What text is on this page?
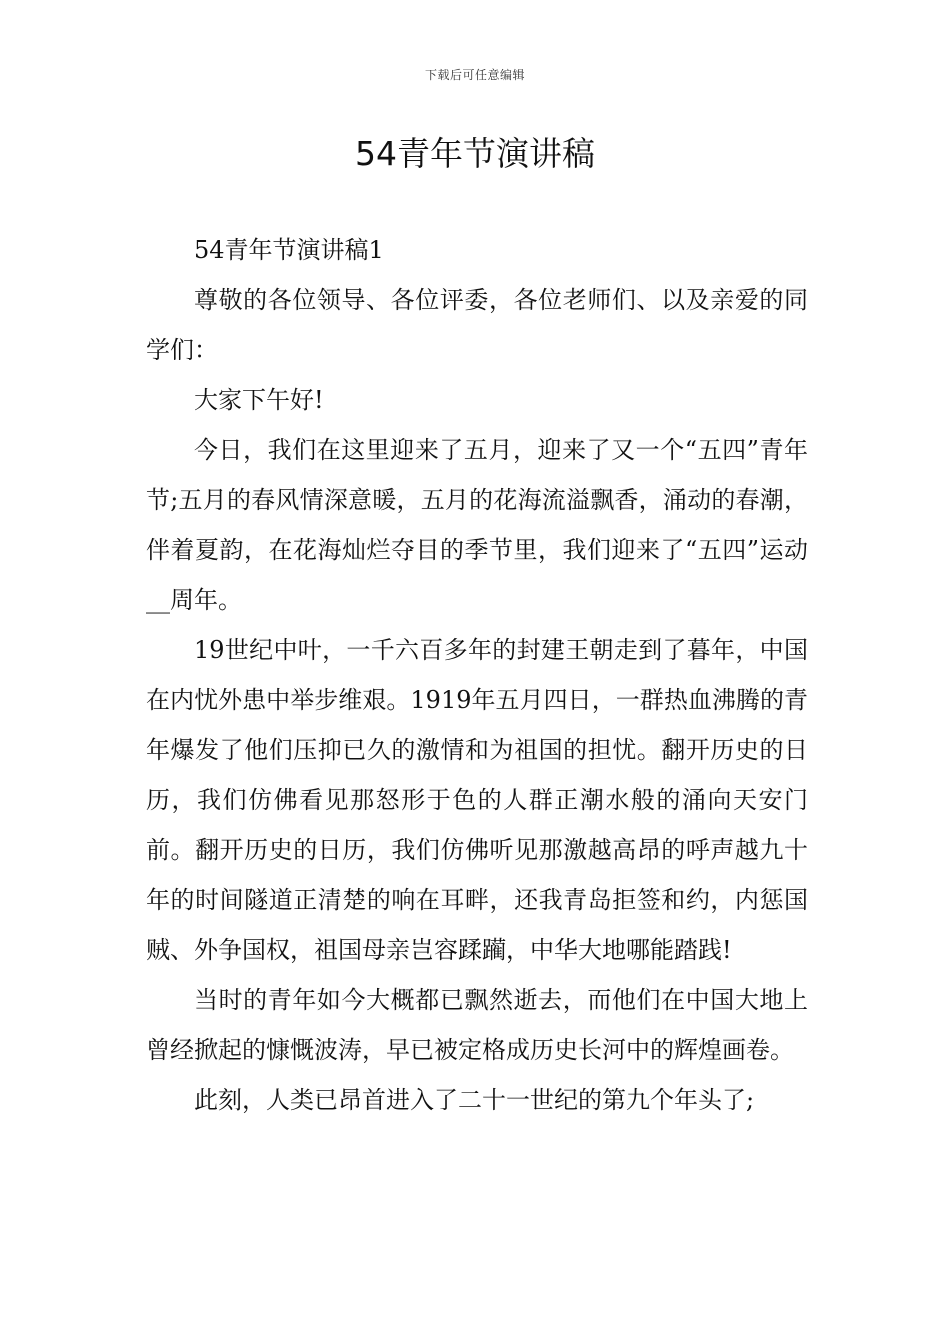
下载后可任意编辑
54青年节演讲稿

54青年节演讲稿1

尊敬的各位领导、各位评委，各位老师们、以及亲爱的同学们：

大家下午好!

今日，我们在这里迎来了五月，迎来了又一个“五四”青年节;五月的春风情深意暖，五月的花海流溢飘香，涌动的春潮，伴着夏韵，在花海灿烂夺目的季节里，我们迎来了“五四”运动__周年。

19世纪中叶，一千六百多年的封建王朝走到了暮年，中国在内忧外患中举步维艰。1919年五月四日，一群热血沸腾的青年爆发了他们压抑已久的激情和为祖国的担忧。翻开历史的日历，我们仿佛看见那怒形于色的人群正潮水般的涌向天安门前。翻开历史的日历，我们仿佛听见那激越高昂的呼声越九十年的时间隧道正清楚的响在耳畔，还我青岛拒签和约，内惩国贼、外争国权，祖国母亲岂容蹂躏，中华大地哪能踏践!

当时的青年如今大概都已飘然逝去，而他们在中国大地上曾经掀起的慷慨波涛，早已被定格成历史长河中的辉煌画卷。

此刻，人类已昂首进入了二十一世纪的第九个年头了;
